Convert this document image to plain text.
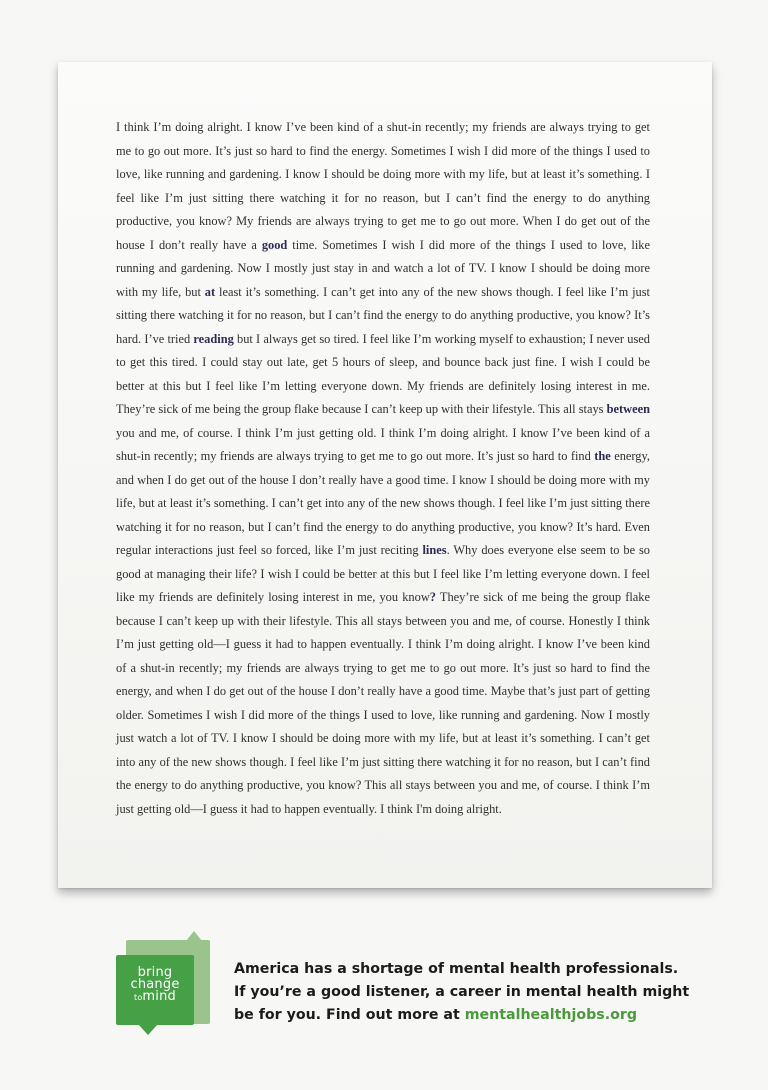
I think I’m doing alright. I know I’ve been kind of a shut-in recently; my friends are always trying to get me to go out more. It’s just so hard to find the energy. Sometimes I wish I did more of the things I used to love, like running and gardening. I know I should be doing more with my life, but at least it’s something. I feel like I’m just sitting there watching it for no reason, but I can’t find the energy to do anything productive, you know? My friends are always trying to get me to go out more. When I do get out of the house I don’t really have a good time. Sometimes I wish I did more of the things I used to love, like running and gardening. Now I mostly just stay in and watch a lot of TV. I know I should be doing more with my life, but at least it’s something. I can’t get into any of the new shows though. I feel like I’m just sitting there watching it for no reason, but I can’t find the energy to do anything productive, you know? It’s hard. I’ve tried reading but I always get so tired. I feel like I’m working myself to exhaustion; I never used to get this tired. I could stay out late, get 5 hours of sleep, and bounce back just fine. I wish I could be better at this but I feel like I’m letting everyone down. My friends are definitely losing interest in me. They’re sick of me being the group flake because I can’t keep up with their lifestyle. This all stays between you and me, of course. I think I’m just getting old. I think I’m doing alright. I know I’ve been kind of a shut-in recently; my friends are always trying to get me to go out more. It’s just so hard to find the energy, and when I do get out of the house I don’t really have a good time. I know I should be doing more with my life, but at least it’s something. I can’t get into any of the new shows though. I feel like I’m just sitting there watching it for no reason, but I can’t find the energy to do anything productive, you know? It’s hard. Even regular interactions just feel so forced, like I’m just reciting lines. Why does everyone else seem to be so good at managing their life? I wish I could be better at this but I feel like I’m letting everyone down. I feel like my friends are definitely losing interest in me, you know? They’re sick of me being the group flake because I can’t keep up with their lifestyle. This all stays between you and me, of course. Honestly I think I’m just getting old—I guess it had to happen eventually. I think I’m doing alright. I know I’ve been kind of a shut-in recently; my friends are always trying to get me to go out more. It’s just so hard to find the energy, and when I do get out of the house I don’t really have a good time. Maybe that’s just part of getting older. Sometimes I wish I did more of the things I used to love, like running and gardening. Now I mostly just watch a lot of TV. I know I should be doing more with my life, but at least it’s something. I can’t get into any of the new shows though. I feel like I’m just sitting there watching it for no reason, but I can’t find the energy to do anything productive, you know? This all stays between you and me, of course. I think I’m just getting old—I guess it had to happen eventually. I think I'm doing alright.

bring
change
tomind
America has a shortage of mental health professionals.
If you’re a good listener, a career in mental health might
be for you. Find out more at mentalhealthjobs.org
